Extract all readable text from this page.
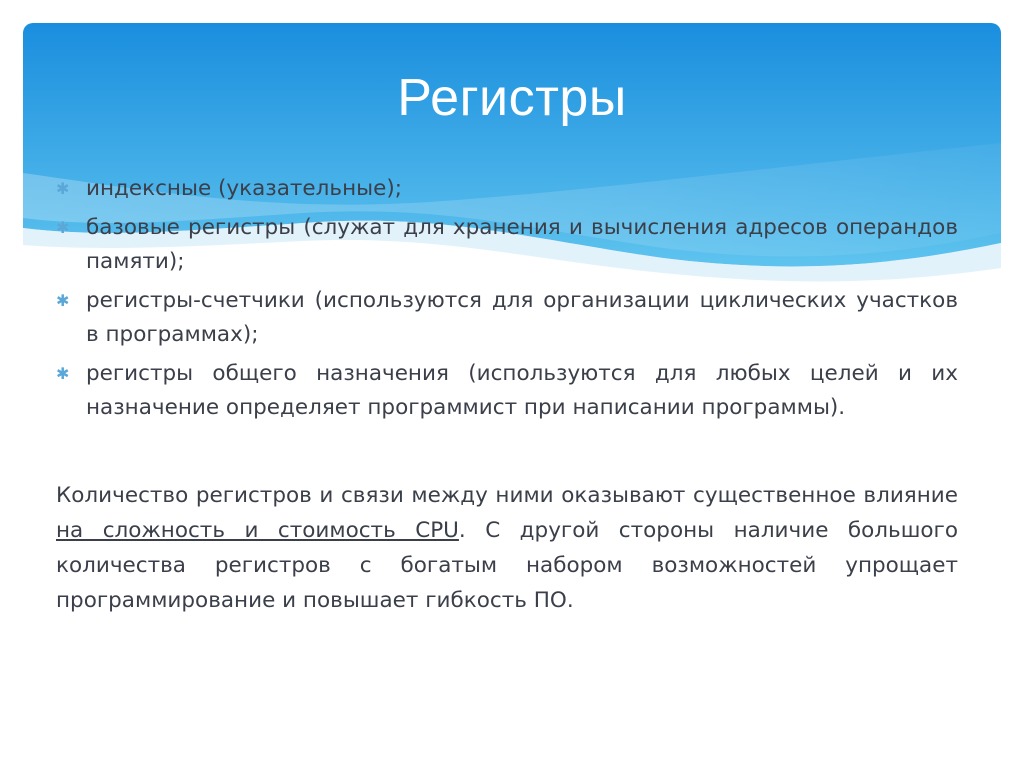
Регистры
✱ индексные (указательные);
✱ базовые регистры (служат для хранения и вычисления адресов операндов памяти);
✱ регистры-счетчики (используются для организации циклических участков в программах);
✱ регистры общего назначения (используются для любых целей и их назначение определяет программист при написании программы).

Количество регистров и связи между ними оказывают существенное влияние на сложность и стоимость CPU. С другой стороны наличие большого количества регистров с богатым набором возможностей упрощает программирование и повышает гибкость ПО.
